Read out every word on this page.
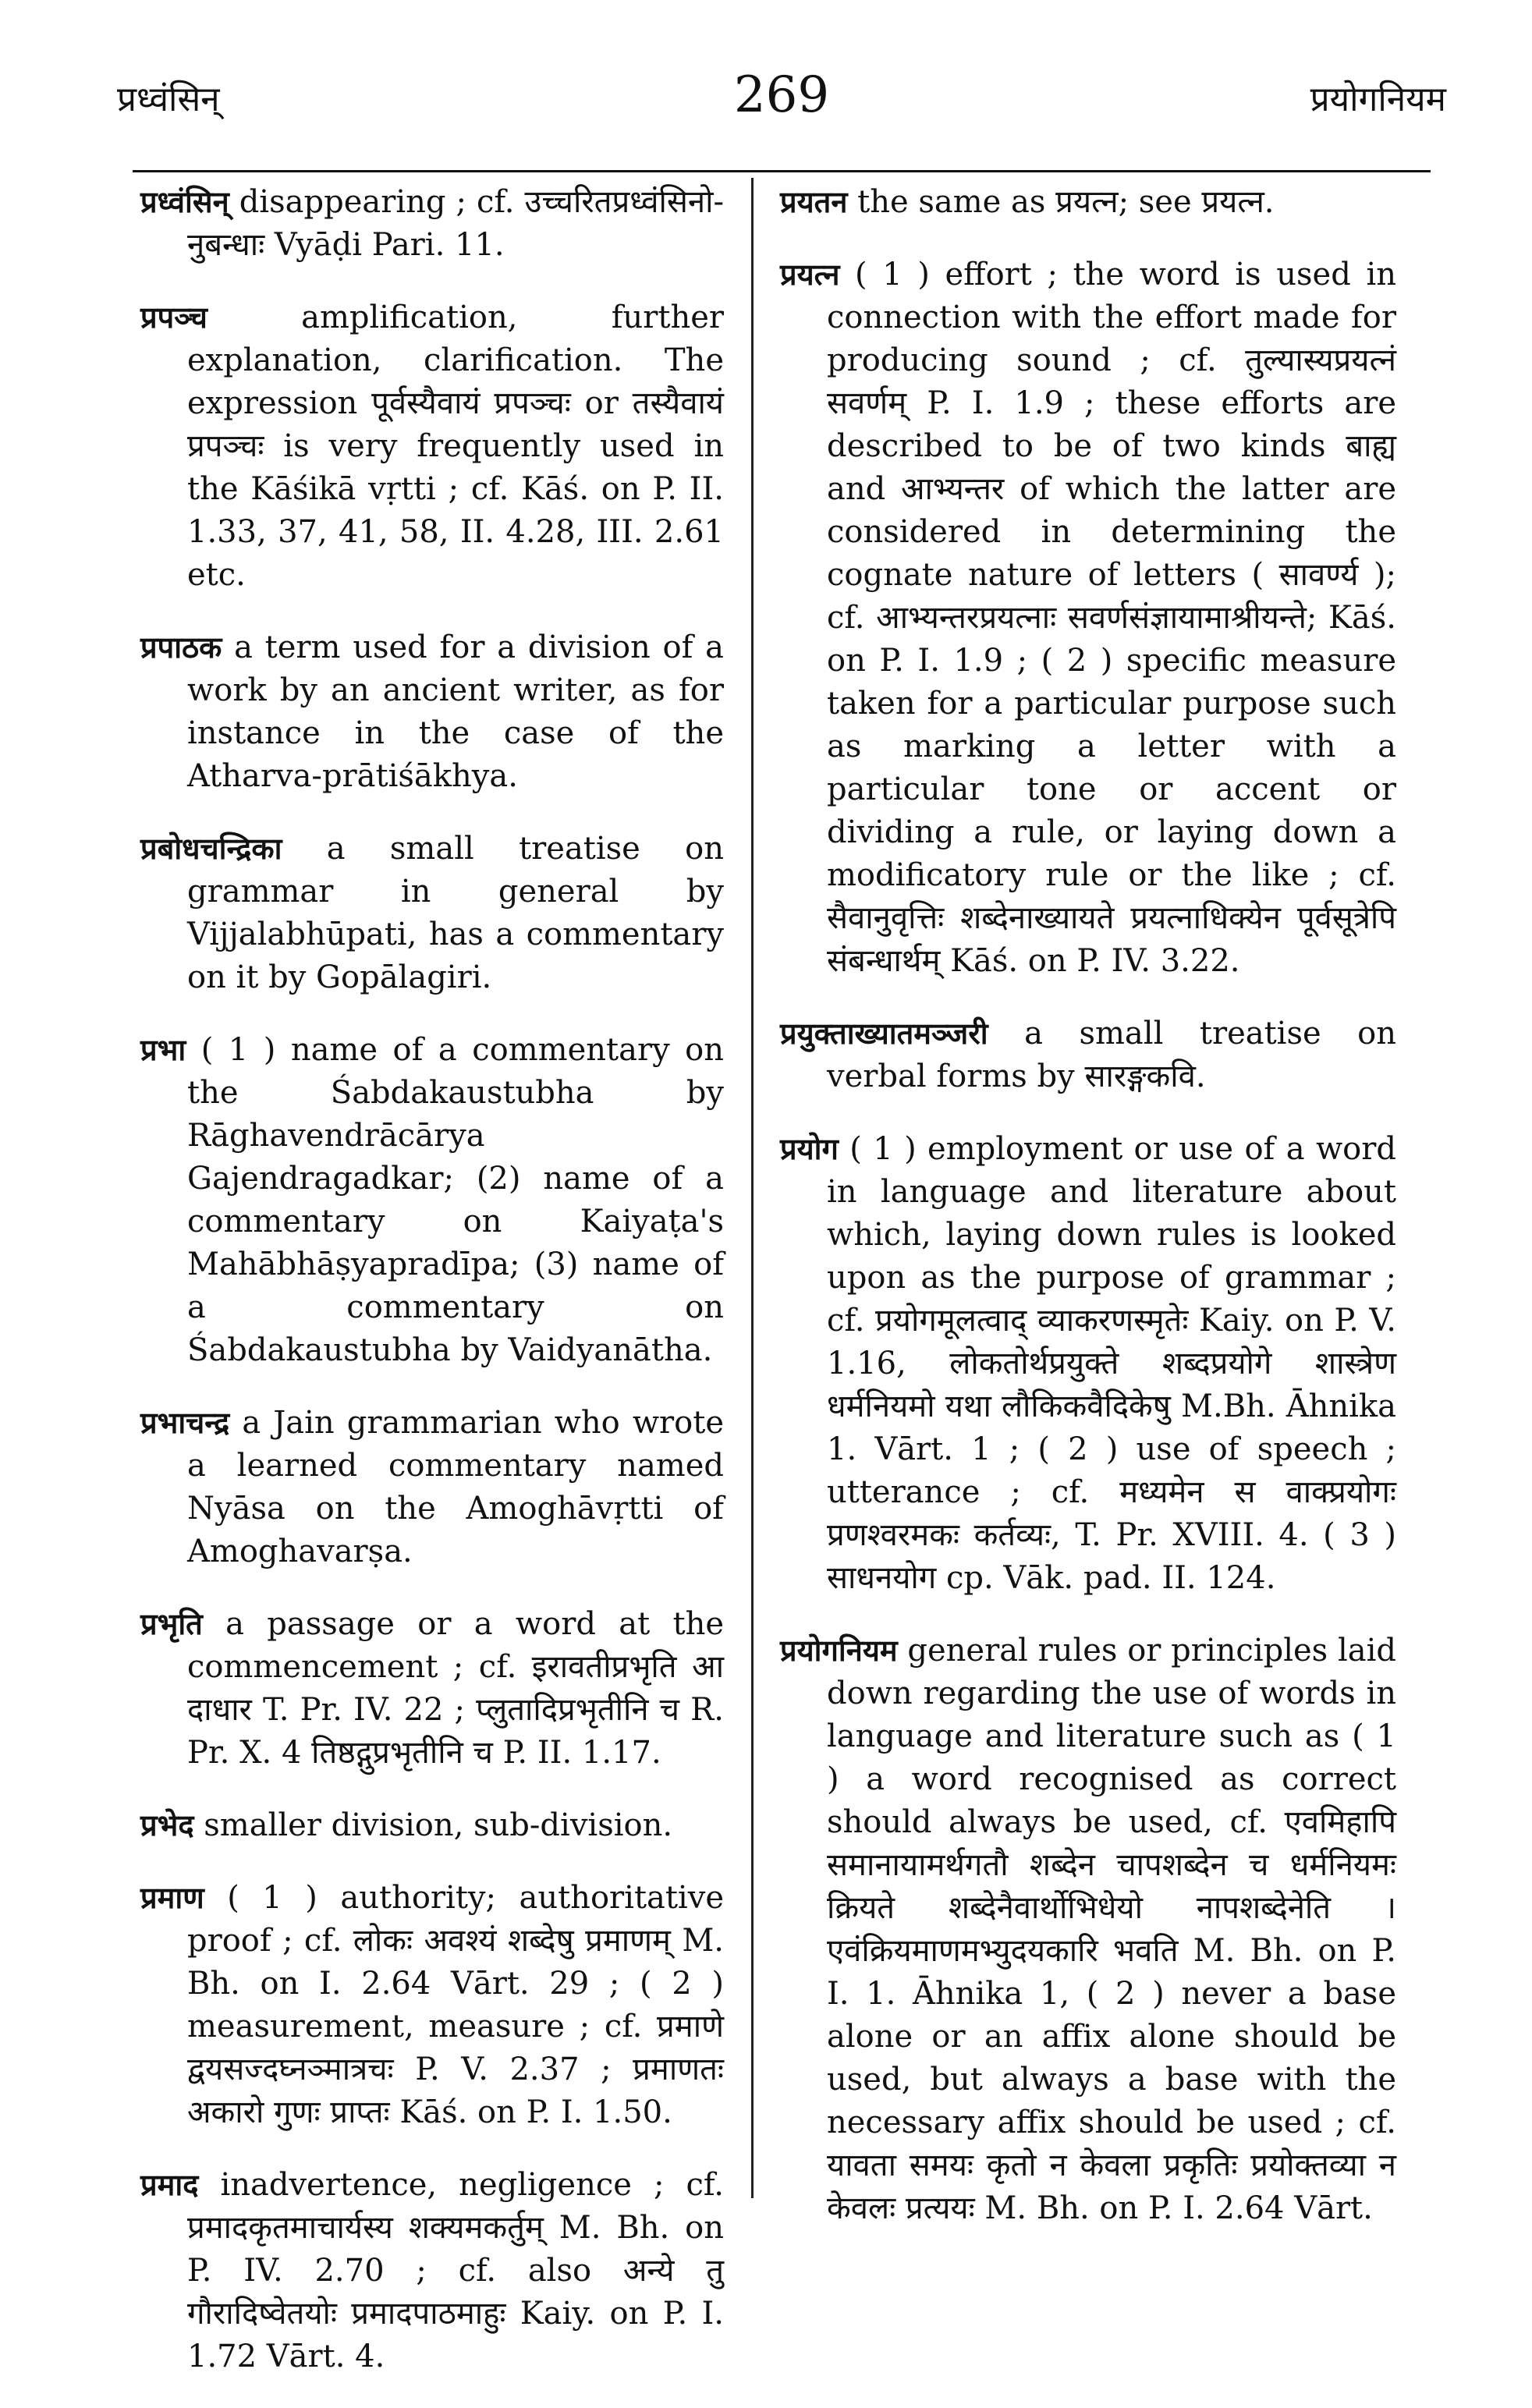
प्रध्वंसिन्	269	प्रयोगनियम

प्रध्वंसिन् disappearing ; cf. उच्चरितप्रध्वंसिनो-नुबन्धाः Vyāḍi Pari. 11.

प्रपञ्च	amplification, further explanation, clarification. The expression पूर्वस्यैवायं प्रपञ्चः or तस्यैवायं प्रपञ्चः is very frequently used in the Kāśikā vṛtti ; cf. Kāś. on P. II. 1.33, 37, 41, 58, II. 4.28, III. 2.61 etc.

प्रपाठक a term used for a division of a work by an ancient writer, as for instance in the case of the Atharva-prātiśākhya.

प्रबोधचन्द्रिका a small treatise on grammar in general by Vijjalabhūpati, has a commentary on it by Gopālagiri.

प्रभा ( 1 ) name of a commentary on the Śabdakaustubha by Rāghavendrācārya Gajendragadkar; (2) name of a commentary on Kaiyaṭa's Mahābhāṣyapradīpa; (3) name of a commentary on Śabdakaustubha by Vaidyanātha.

प्रभाचन्द्र a Jain grammarian who wrote a learned commentary named Nyāsa on the Amoghāvṛtti of Amoghavarṣa.

प्रभृति a passage or a word at the commencement ; cf. इरावतीप्रभृति आ दाधार T. Pr. IV. 22 ; प्लुतादिप्रभृतीनि च R. Pr. X. 4 तिष्ठद्गुप्रभृतीनि च P. II. 1.17.

प्रभेद smaller division, sub-division.

प्रमाण ( 1 ) authority; authoritative proof ; cf. लोकः अवश्यं शब्देषु प्रमाणम् M. Bh. on I. 2.64 Vārt. 29 ; ( 2 ) measurement, measure ; cf. प्रमाणे द्वयसज्दघ्नञ्मात्रचः P. V. 2.37 ; प्रमाणतः अकारो गुणः प्राप्तः Kāś. on P. I. 1.50.

प्रमाद inadvertence, negligence ; cf. प्रमादकृतमाचार्यस्य शक्यमकर्तुम् M. Bh. on P. IV. 2.70 ; cf. also अन्ये तु गौरादिष्वेतयोः प्रमादपाठमाहुः Kaiy. on P. I. 1.72 Vārt. 4.

प्रयतन the same as प्रयत्न; see प्रयत्न.

प्रयत्न ( 1 ) effort ; the word is used in connection with the effort made for producing sound ; cf. तुल्यास्यप्रयत्नं सवर्णम् P. I. 1.9 ; these efforts are described to be of two kinds बाह्य and आभ्यन्तर of which the latter are considered in determining the cognate nature of letters ( सावर्ण्य ); cf. आभ्यन्तरप्रयत्नाः सवर्णसंज्ञायामाश्रीयन्ते; Kāś. on P. I. 1.9 ; ( 2 ) specific measure taken for a particular purpose such as marking a letter with a particular tone or accent or dividing a rule, or laying down a modificatory rule or the like ; cf. सैवानुवृत्तिः शब्देनाख्यायते प्रयत्नाधिक्येन पूर्वसूत्रेपि संबन्धार्थम् Kāś. on P. IV. 3.22.

प्रयुक्ताख्यातमञ्जरी a small treatise on verbal forms by सारङ्गकवि.

प्रयोग ( 1 ) employment or use of a word in language and literature about which, laying down rules is looked upon as the purpose of grammar ; cf. प्रयोगमूलत्वाद् व्याकरणस्मृतेः Kaiy. on P. V. 1.16, लोकतोर्थप्रयुक्ते शब्दप्रयोगे शास्त्रेण धर्मनियमो यथा लौकिकवैदिकेषु M.Bh. Āhnika 1. Vārt. 1 ; ( 2 ) use of speech ; utterance ; cf. मध्यमेन स वाक्प्रयोगः प्रणश्वरमकः कर्तव्यः, T. Pr. XVIII. 4. ( 3 ) साधनयोग cp. Vāk. pad. II. 124.

प्रयोगनियम general rules or principles laid down regarding the use of words in language and literature such as ( 1 ) a word recognised as correct should always be used, cf. एवमिहापि समानायामर्थगतौ शब्देन चापशब्देन च धर्मनियमः क्रियते शब्देनैवार्थोभिधेयो नापशब्देनेति । एवंक्रियमाणमभ्युदयकारि भवति M. Bh. on P. I. 1. Āhnika 1, ( 2 ) never a base alone or an affix alone should be used, but always a base with the necessary affix should be used ; cf. यावता समयः कृतो न केवला प्रकृतिः प्रयोक्तव्या न केवलः प्रत्ययः M. Bh. on P. I. 2.64 Vārt.
